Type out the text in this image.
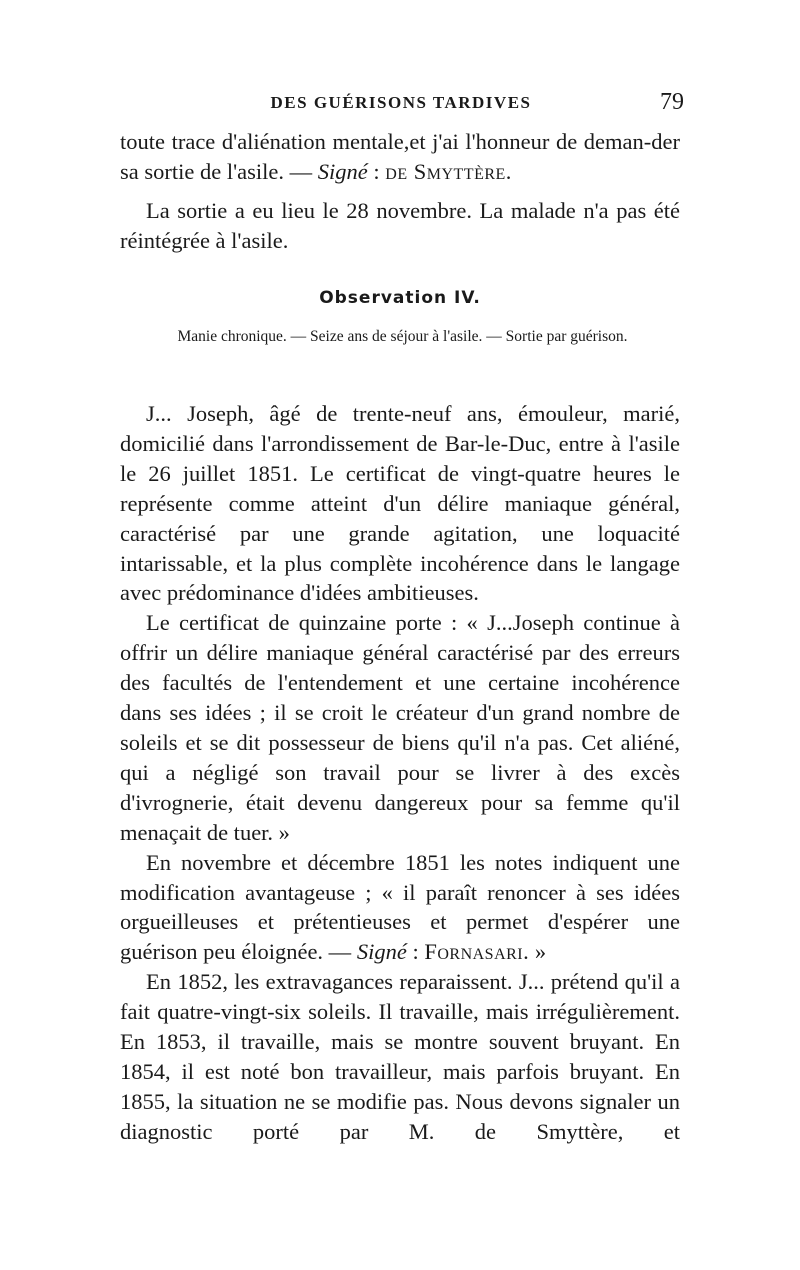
DES GUÉRISONS TARDIVES	79

toute trace d'aliénation mentale,et j'ai l'honneur de deman-der sa sortie de l'asile. — Signé : de Smyttère.

La sortie a eu lieu le 28 novembre. La malade n'a pas été réintégrée à l'asile.

Observation IV.
Manie chronique. — Seize ans de séjour à l'asile. — Sortie par guérison.

J... Joseph, âgé de trente-neuf ans, émouleur, marié, domicilié dans l'arrondissement de Bar-le-Duc, entre à l'asile le 26 juillet 1851. Le certificat de vingt-quatre heures le représente comme atteint d'un délire maniaque général, caractérisé par une grande agitation, une loquacité intarissable, et la plus complète incohérence dans le langage avec prédominance d'idées ambitieuses.

Le certificat de quinzaine porte : « J...Joseph continue à offrir un délire maniaque général caractérisé par des erreurs des facultés de l'entendement et une certaine incohérence dans ses idées ; il se croit le créateur d'un grand nombre de soleils et se dit possesseur de biens qu'il n'a pas. Cet aliéné, qui a négligé son travail pour se livrer à des excès d'ivrognerie, était devenu dangereux pour sa femme qu'il menaçait de tuer. »

En novembre et décembre 1851 les notes indiquent une modification avantageuse ; « il paraît renoncer à ses idées orgueilleuses et prétentieuses et permet d'espérer une guérison peu éloignée. — Signé : Fornasari. »

En 1852, les extravagances reparaissent. J... prétend qu'il a fait quatre-vingt-six soleils. Il travaille, mais irrégulièrement. En 1853, il travaille, mais se montre souvent bruyant. En 1854, il est noté bon travailleur, mais parfois bruyant. En 1855, la situation ne se modifie pas. Nous devons signaler un diagnostic porté par M. de Smyttère, et
